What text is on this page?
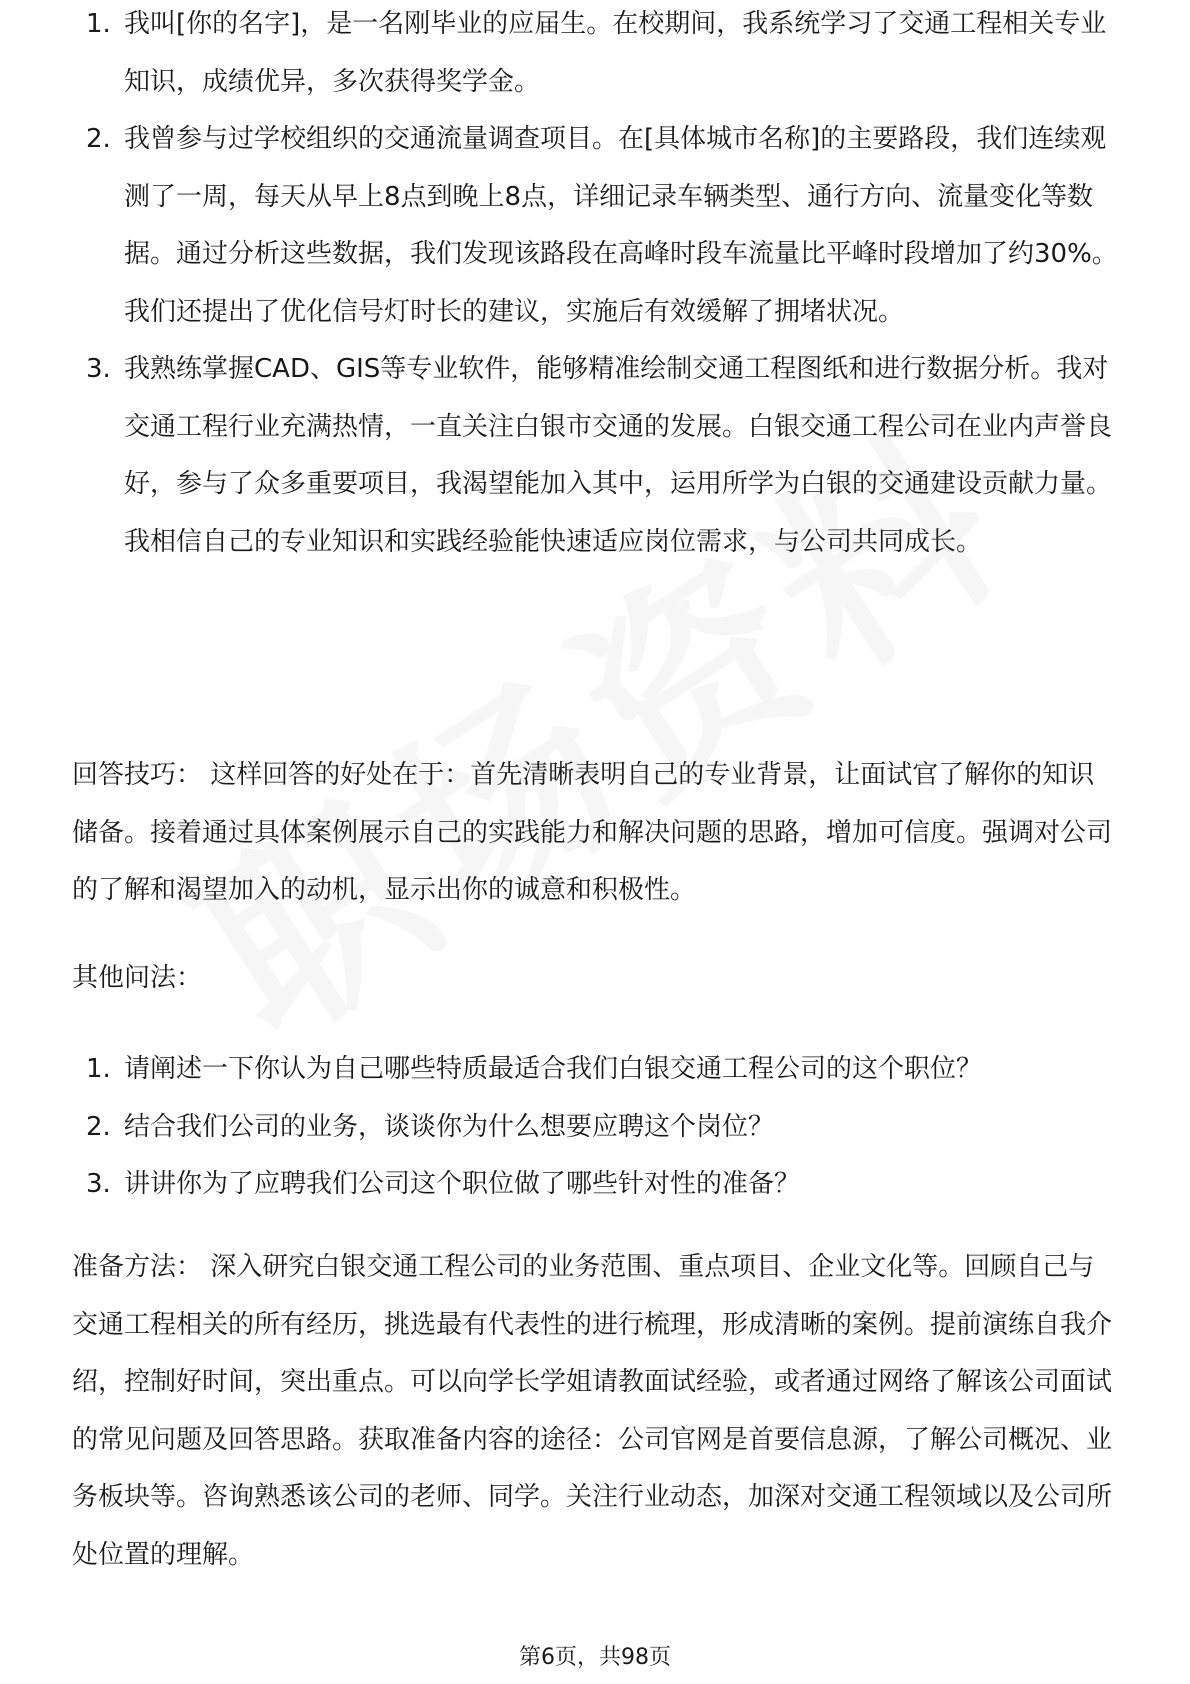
1. 我叫[你的名字]，是一名刚毕业的应届生。在校期间，我系统学习了交通工程相关专业知识，成绩优异，多次获得奖学金。
2. 我曾参与过学校组织的交通流量调查项目。在[具体城市名称]的主要路段，我们连续观测了一周，每天从早上8点到晚上8点，详细记录车辆类型、通行方向、流量变化等数据。通过分析这些数据，我们发现该路段在高峰时段车流量比平峰时段增加了约30%。我们还提出了优化信号灯时长的建议，实施后有效缓解了拥堵状况。
3. 我熟练掌握CAD、GIS等专业软件，能够精准绘制交通工程图纸和进行数据分析。我对交通工程行业充满热情，一直关注白银市交通的发展。白银交通工程公司在业内声誉良好，参与了众多重要项目，我渴望能加入其中，运用所学为白银的交通建设贡献力量。我相信自己的专业知识和实践经验能快速适应岗位需求，与公司共同成长。

回答技巧： 这样回答的好处在于：首先清晰表明自己的专业背景，让面试官了解你的知识储备。接着通过具体案例展示自己的实践能力和解决问题的思路，增加可信度。强调对公司的了解和渴望加入的动机，显示出你的诚意和积极性。

其他问法：

1. 请阐述一下你认为自己哪些特质最适合我们白银交通工程公司的这个职位？
2. 结合我们公司的业务，谈谈你为什么想要应聘这个岗位？
3. 讲讲你为了应聘我们公司这个职位做了哪些针对性的准备？

准备方法： 深入研究白银交通工程公司的业务范围、重点项目、企业文化等。回顾自己与交通工程相关的所有经历，挑选最有代表性的进行梳理，形成清晰的案例。提前演练自我介绍，控制好时间，突出重点。可以向学长学姐请教面试经验，或者通过网络了解该公司面试的常见问题及回答思路。获取准备内容的途径：公司官网是首要信息源，了解公司概况、业务板块等。咨询熟悉该公司的老师、同学。关注行业动态，加深对交通工程领域以及公司所处位置的理解。

第6页，共98页
